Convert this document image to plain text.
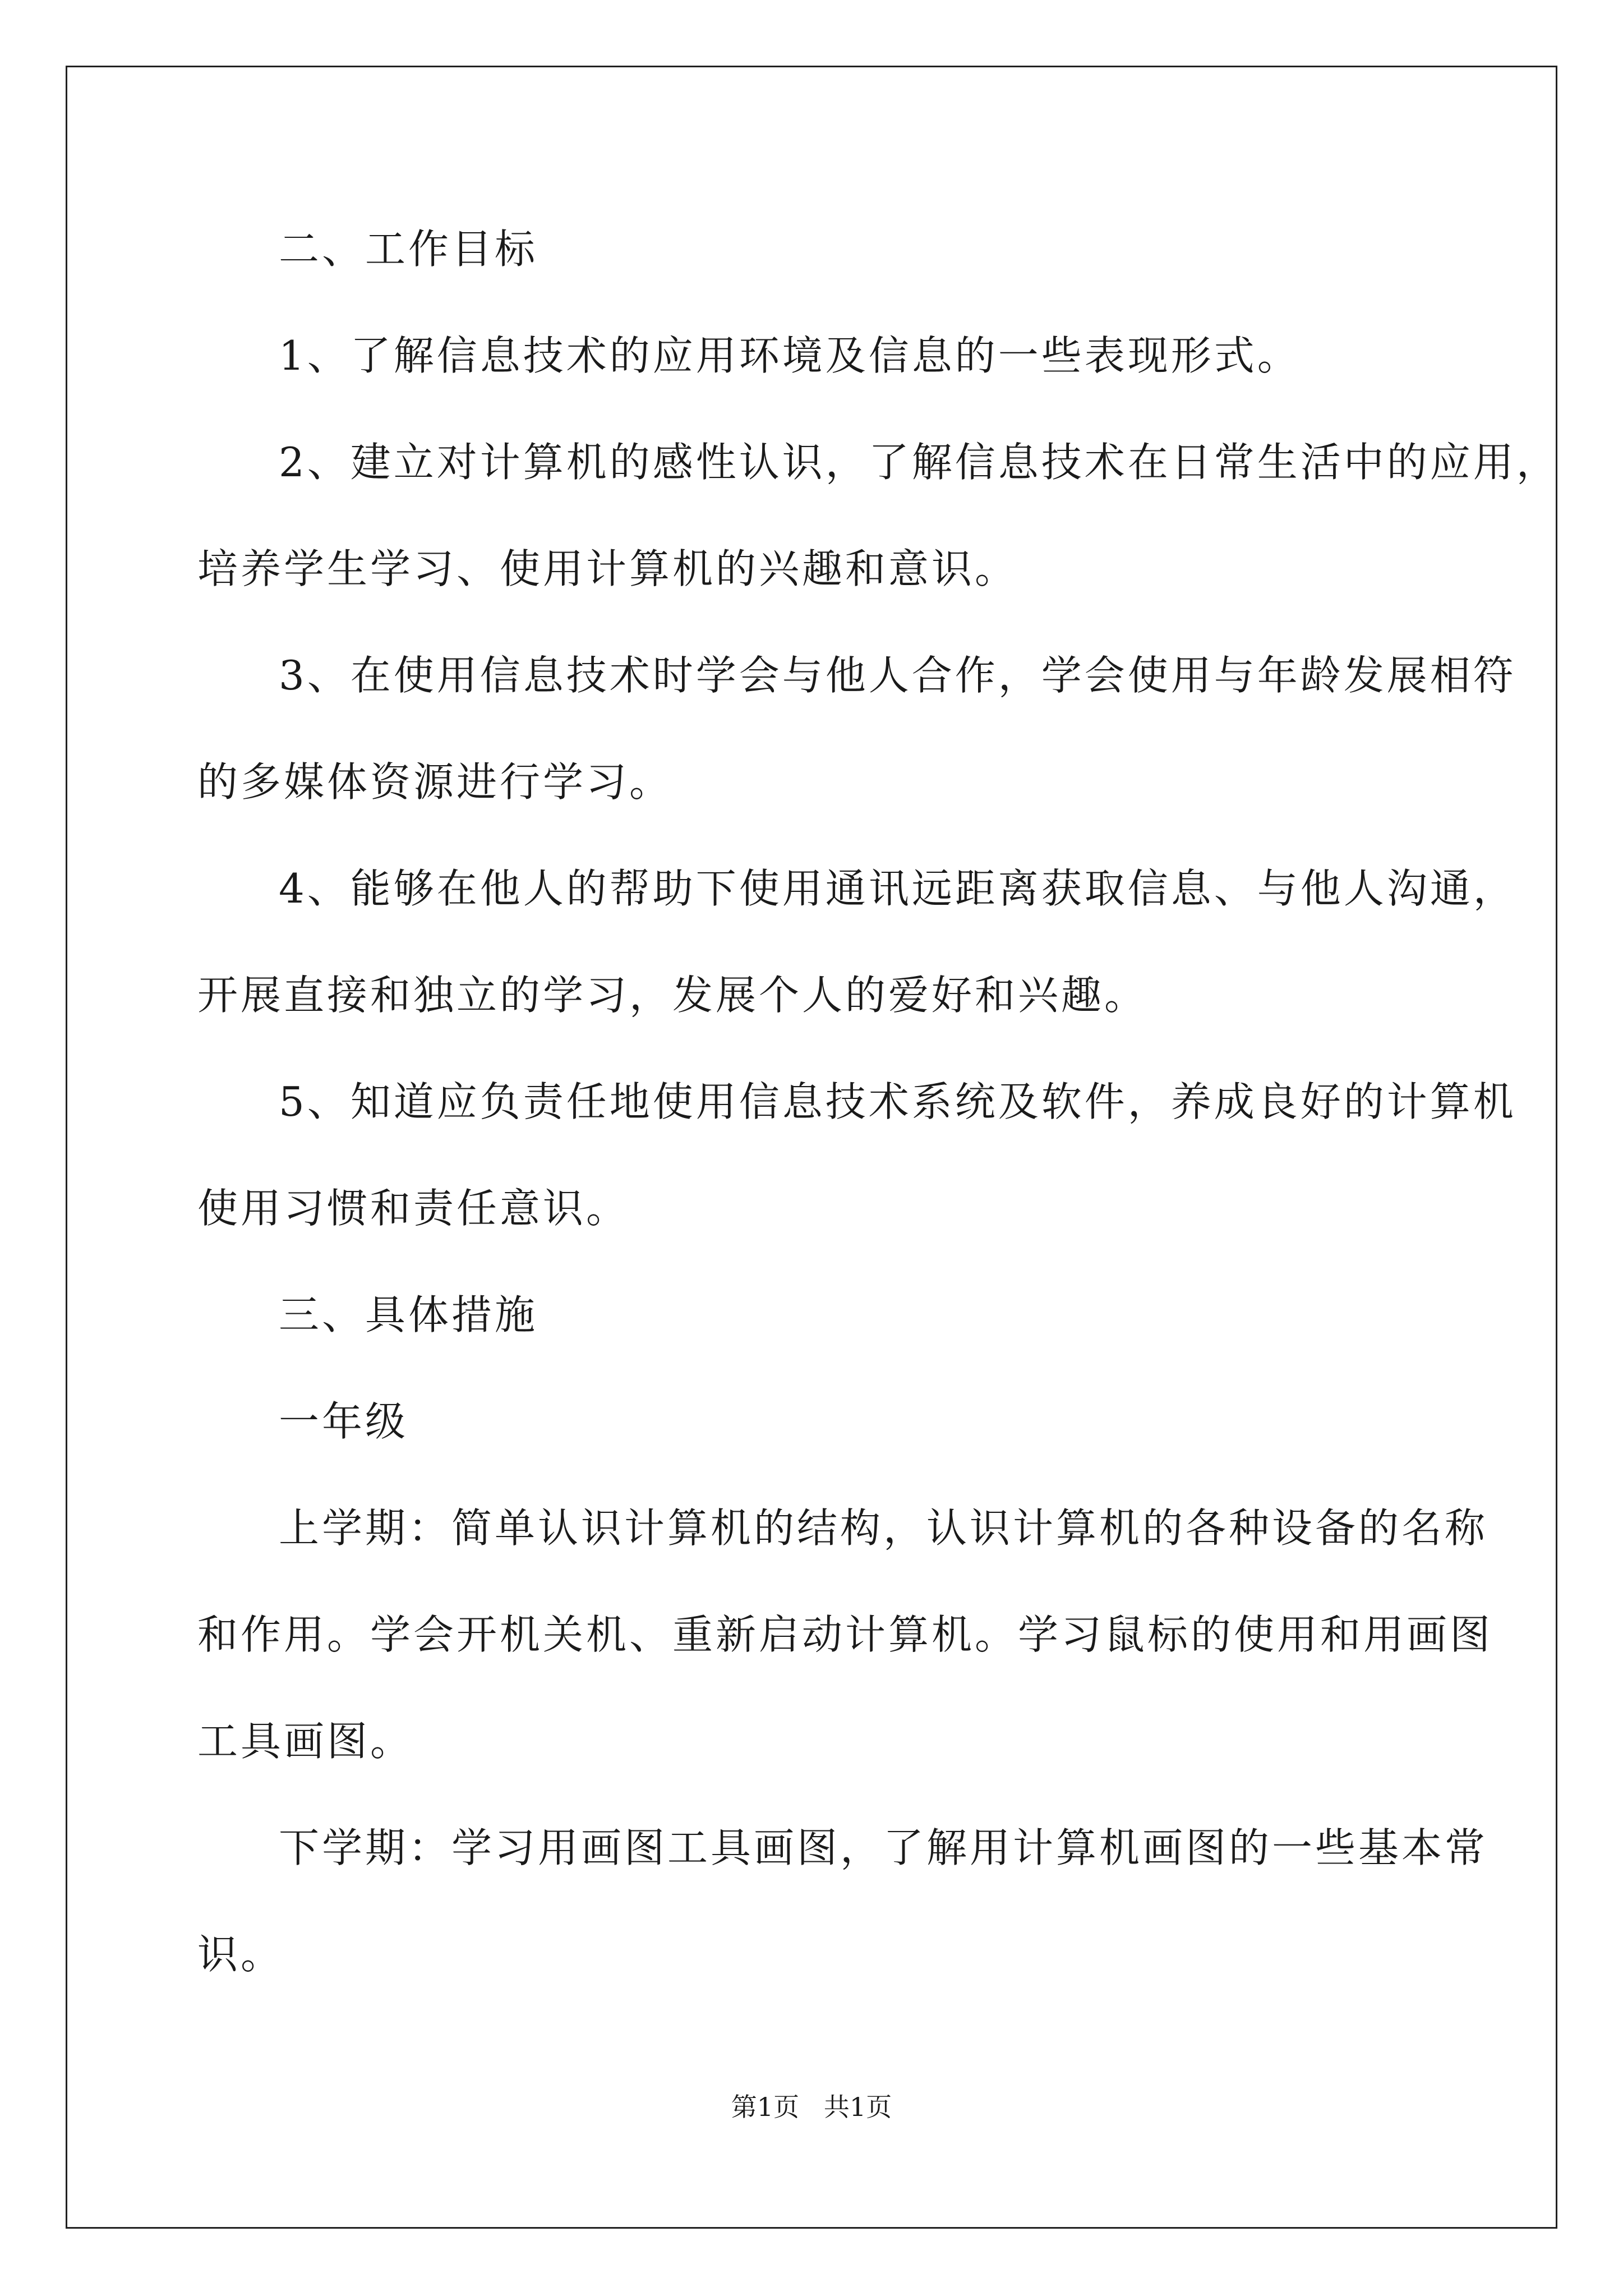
二、工作目标
1、了解信息技术的应用环境及信息的一些表现形式。
2、建立对计算机的感性认识，了解信息技术在日常生活中的应用，
培养学生学习、使用计算机的兴趣和意识。
3、在使用信息技术时学会与他人合作，学会使用与年龄发展相符
的多媒体资源进行学习。
4、能够在他人的帮助下使用通讯远距离获取信息、与他人沟通，
开展直接和独立的学习，发展个人的爱好和兴趣。
5、知道应负责任地使用信息技术系统及软件，养成良好的计算机
使用习惯和责任意识。
三、具体措施
一年级
上学期：简单认识计算机的结构，认识计算机的各种设备的名称
和作用。学会开机关机、重新启动计算机。学习鼠标的使用和用画图
工具画图。
下学期：学习用画图工具画图，了解用计算机画图的一些基本常
识。
第1页   共1页
